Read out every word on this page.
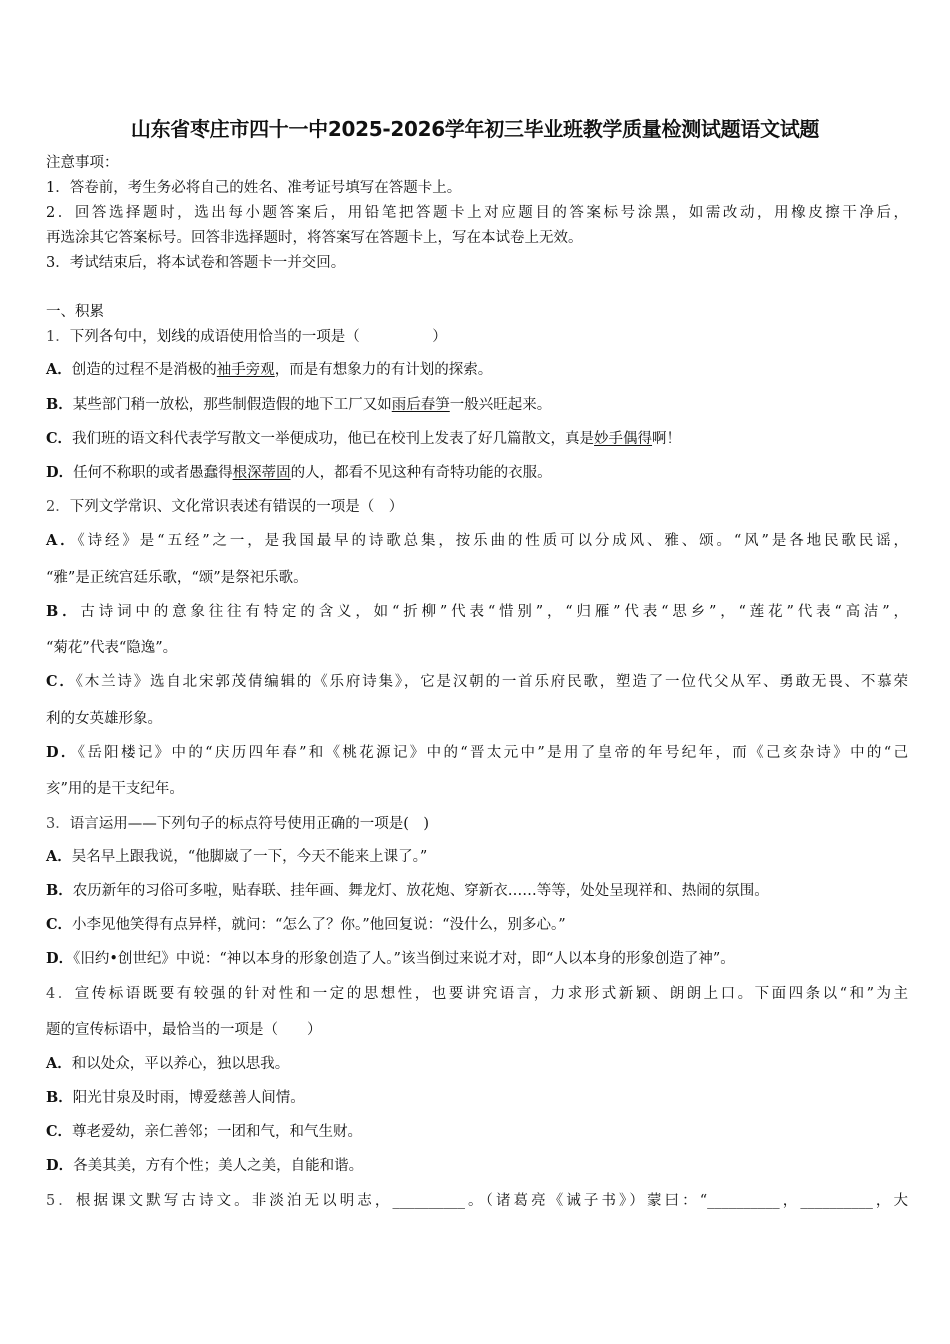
山东省枣庄市四十一中2025-2026学年初三毕业班教学质量检测试题语文试题
注意事项：
1．答卷前，考生务必将自己的姓名、准考证号填写在答题卡上。
2．回答选择题时，选出每小题答案后，用铅笔把答题卡上对应题目的答案标号涂黑，如需改动，用橡皮擦干净后，
再选涂其它答案标号。回答非选择题时，将答案写在答题卡上，写在本试卷上无效。
3．考试结束后，将本试卷和答题卡一并交回。
一、积累
1．下列各句中，划线的成语使用恰当的一项是（　　　　　）
A．创造的过程不是消极的袖手旁观，而是有想象力的有计划的探索。
B．某些部门稍一放松，那些制假造假的地下工厂又如雨后春笋一般兴旺起来。
C．我们班的语文科代表学写散文一举便成功，他已在校刊上发表了好几篇散文，真是妙手偶得啊！
D．任何不称职的或者愚蠢得根深蒂固的人，都看不见这种有奇特功能的衣服。
2．下列文学常识、文化常识表述有错误的一项是（　）
A．《诗经》是“五经”之一，是我国最早的诗歌总集，按乐曲的性质可以分成风、雅、颂。“风”是各地民歌民谣，
“雅”是正统宫廷乐歌，“颂”是祭祀乐歌。
B．古诗词中的意象往往有特定的含义，如“折柳”代表“惜别”，“归雁”代表“思乡”，“莲花”代表“高洁”，
“菊花”代表“隐逸”。
C．《木兰诗》选自北宋郭茂倩编辑的《乐府诗集》，它是汉朝的一首乐府民歌，塑造了一位代父从军、勇敢无畏、不慕荣
利的女英雄形象。
D．《岳阳楼记》中的“庆历四年春”和《桃花源记》中的“晋太元中”是用了皇帝的年号纪年，而《己亥杂诗》中的“己
亥”用的是干支纪年。
3．语言运用——下列句子的标点符号使用正确的一项是(　)
A．吴名早上跟我说，“他脚崴了一下，今天不能来上课了。”
B．农历新年的习俗可多啦，贴春联、挂年画、舞龙灯、放花炮、穿新衣……等等，处处呈现祥和、热闹的氛围。
C．小李见他笑得有点异样，就问：“怎么了？你。”他回复说：“没什么，别多心。”
D．《旧约•创世纪》中说：“神以本身的形象创造了人。”该当倒过来说才对，即“人以本身的形象创造了神”。
4．宣传标语既要有较强的针对性和一定的思想性，也要讲究语言，力求形式新颖、朗朗上口。下面四条以“和”为主
题的宣传标语中，最恰当的一项是（　　）
A．和以处众，平以养心，独以思我。
B．阳光甘泉及时雨，博爱慈善人间情。
C．尊老爱幼，亲仁善邻；一团和气，和气生财。
D．各美其美，方有个性；美人之美，自能和谐。
5．根据课文默写古诗文。非淡泊无以明志，__________。（诸葛亮《诫子书》）蒙曰：“__________，__________，大
